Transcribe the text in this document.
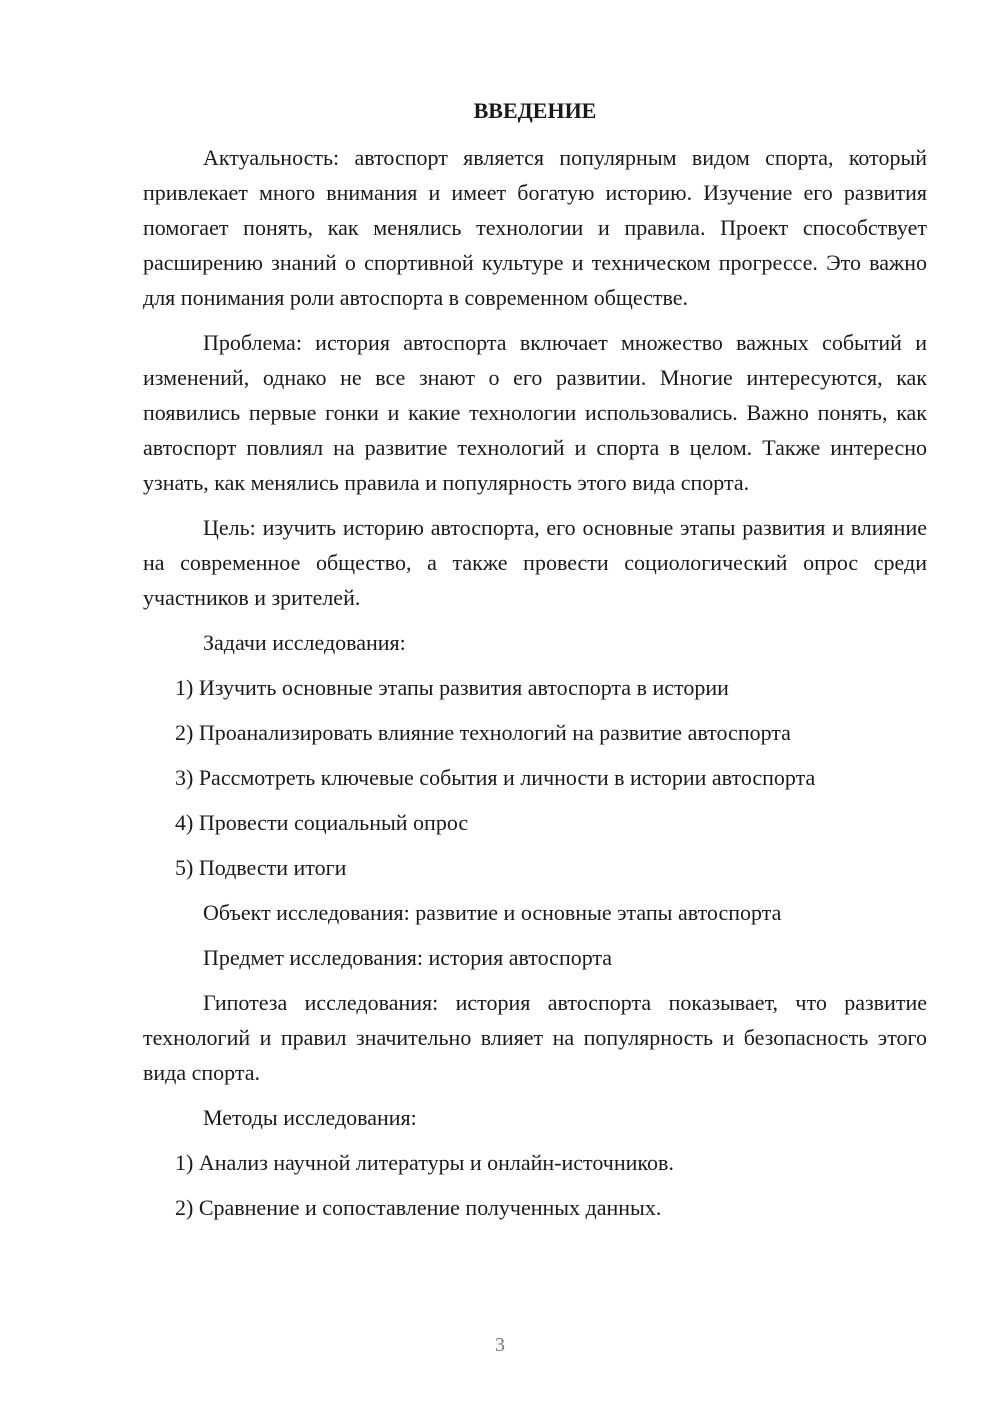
ВВЕДЕНИЕ

Актуальность: автоспорт является популярным видом спорта, который привлекает много внимания и имеет богатую историю. Изучение его развития помогает понять, как менялись технологии и правила. Проект способствует расширению знаний о спортивной культуре и техническом прогрессе. Это важно для понимания роли автоспорта в современном обществе.

Проблема: история автоспорта включает множество важных событий и изменений, однако не все знают о его развитии. Многие интересуются, как появились первые гонки и какие технологии использовались. Важно понять, как автоспорт повлиял на развитие технологий и спорта в целом. Также интересно узнать, как менялись правила и популярность этого вида спорта.

Цель: изучить историю автоспорта, его основные этапы развития и влияние на современное общество, а также провести социологический опрос среди участников и зрителей.

Задачи исследования:

1) Изучить основные этапы развития автоспорта в истории

2) Проанализировать влияние технологий на развитие автоспорта

3) Рассмотреть ключевые события и личности в истории автоспорта

4) Провести социальный опрос

5) Подвести итоги

Объект исследования: развитие и основные этапы автоспорта

Предмет исследования: история автоспорта

Гипотеза исследования: история автоспорта показывает, что развитие технологий и правил значительно влияет на популярность и безопасность этого вида спорта.

Методы исследования:

1) Анализ научной литературы и онлайн-источников.

2) Сравнение и сопоставление полученных данных.

3
